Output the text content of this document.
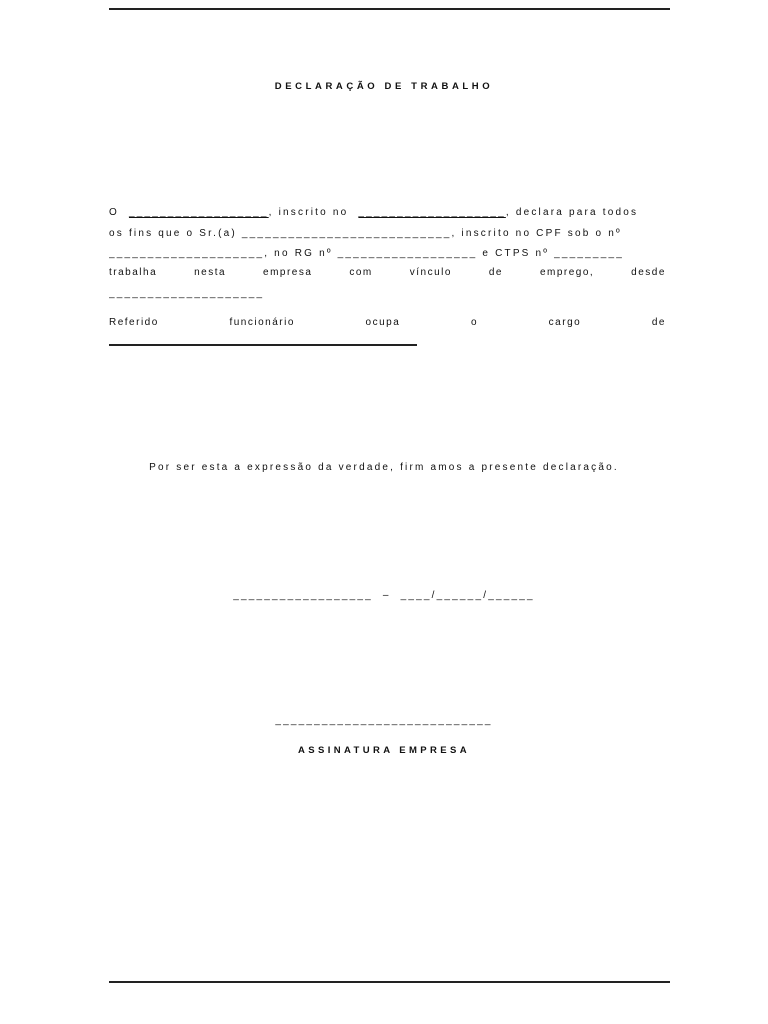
DECLARAÇÃO DE TRABALHO
O __________________, inscrito no ___________________, declara para todos
os fins que o Sr.(a) ___________________________, inscrito no CPF sob o nº
____________________, no RG nº __________________ e CTPS nº _________
trabalha	nesta	empresa	com	vínculo	de	emprego,	desde
____________________
Referido	funcionário	ocupa	o	cargo	de
Por ser esta a expressão da verdade, firm amos a presente declaração.
__________________  –  ____/______/______
____________________________
ASSINATURA EMPRESA
